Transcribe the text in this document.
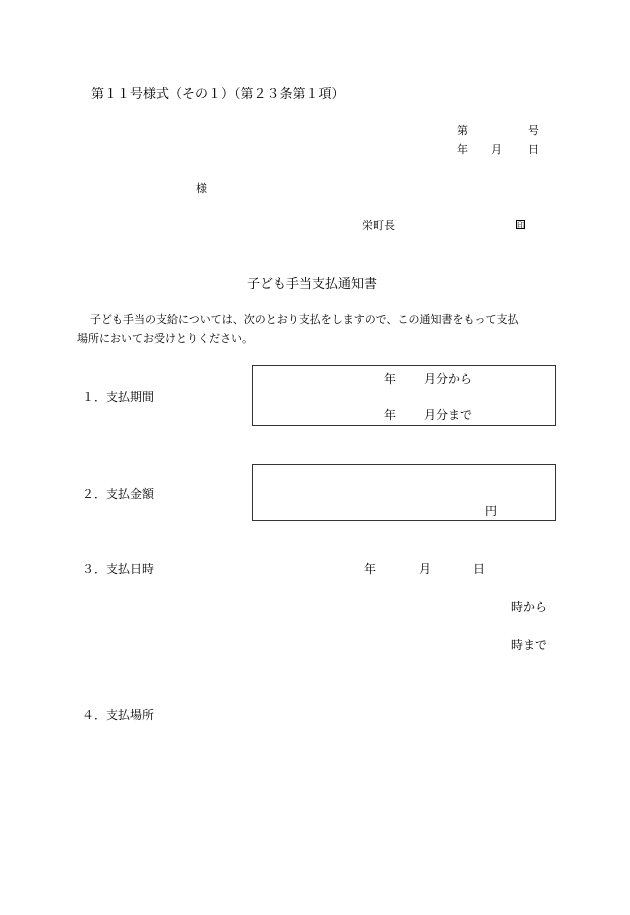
第１１号様式（その１）（第２３条第１項）
第	号
年 月 日
様
栄町長	印
子ども手当支払通知書
子ども手当の支給については、次のとおり支払をしますので、この通知書をもって支払
場所においてお受けとりください。
１．支払期間
年 月分から
年 月分まで
２．支払金額
円
３．支払日時	年	月	日
時から
時まで
４．支払場所
